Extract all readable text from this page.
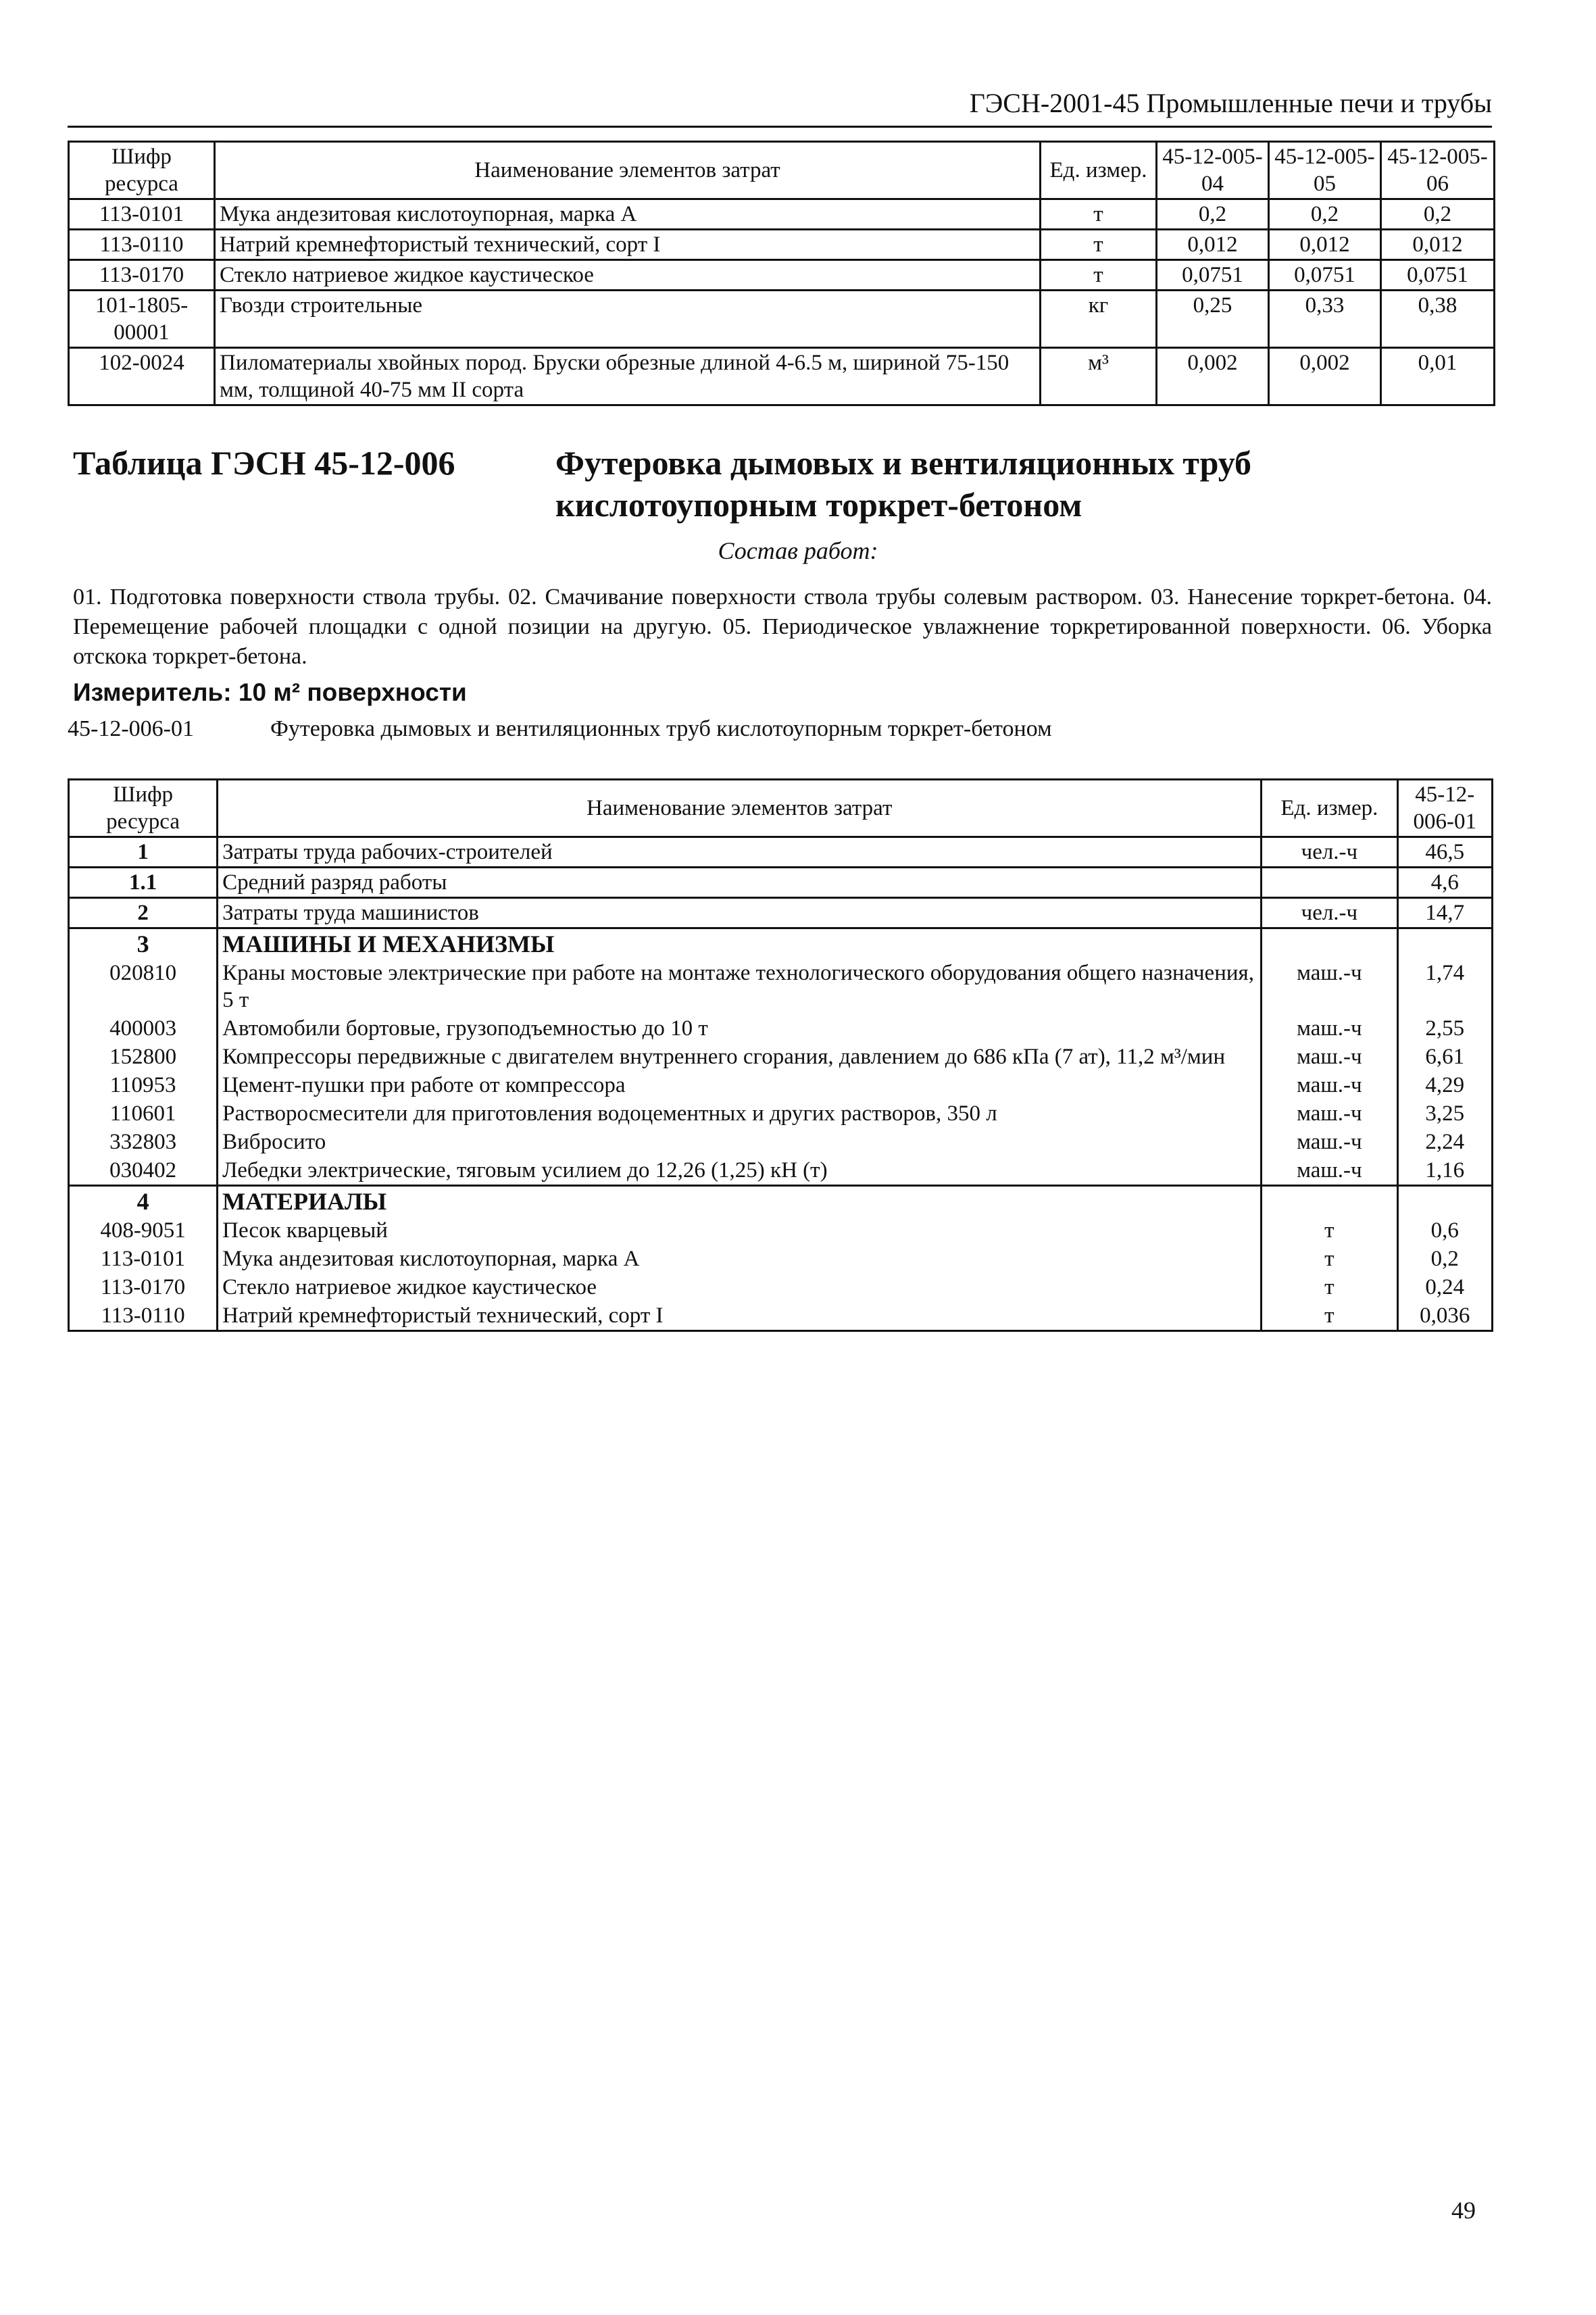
ГЭСН-2001-45 Промышленные печи и трубы
Шифр ресурса	Наименование элементов затрат	Ед. измер.	45-12-005-04	45-12-005-05	45-12-005-06
113-0101	Мука андезитовая кислотоупорная, марка А	т	0,2	0,2	0,2
113-0110	Натрий кремнефтористый технический, сорт I	т	0,012	0,012	0,012
113-0170	Стекло натриевое жидкое каустическое	т	0,0751	0,0751	0,0751
101-1805-00001	Гвозди строительные	кг	0,25	0,33	0,38
102-0024	Пиломатериалы хвойных пород. Бруски обрезные длиной 4-6.5 м, шириной 75-150 мм, толщиной 40-75 мм II сорта	м³	0,002	0,002	0,01
Таблица ГЭСН 45-12-006	Футеровка дымовых и вентиляционных труб кислотоупорным торкрет-бетоном
Состав работ:
01. Подготовка поверхности ствола трубы. 02. Смачивание поверхности ствола трубы солевым раствором. 03. Нанесение торкрет-бетона. 04. Перемещение рабочей площадки с одной позиции на другую. 05. Периодическое увлажнение торкретированной поверхности. 06. Уборка отскока торкрет-бетона.
Измеритель: 10 м² поверхности
45-12-006-01	Футеровка дымовых и вентиляционных труб кислотоупорным торкрет-бетоном
Шифр ресурса	Наименование элементов затрат	Ед. измер.	45-12-006-01
1	Затраты труда рабочих-строителей	чел.-ч	46,5
1.1	Средний разряд работы		4,6
2	Затраты труда машинистов	чел.-ч	14,7
3	МАШИНЫ И МЕХАНИЗМЫ		
020810	Краны мостовые электрические при работе на монтаже технологического оборудования общего назначения, 5 т	маш.-ч	1,74
400003	Автомобили бортовые, грузоподъемностью до 10 т	маш.-ч	2,55
152800	Компрессоры передвижные с двигателем внутреннего сгорания, давлением до 686 кПа (7 ат), 11,2 м³/мин	маш.-ч	6,61
110953	Цемент-пушки при работе от компрессора	маш.-ч	4,29
110601	Растворосмесители для приготовления водоцементных и других растворов, 350 л	маш.-ч	3,25
332803	Вибросито	маш.-ч	2,24
030402	Лебедки электрические, тяговым усилием до 12,26 (1,25) кН (т)	маш.-ч	1,16
4	МАТЕРИАЛЫ		
408-9051	Песок кварцевый	т	0,6
113-0101	Мука андезитовая кислотоупорная, марка А	т	0,2
113-0170	Стекло натриевое жидкое каустическое	т	0,24
113-0110	Натрий кремнефтористый технический, сорт I	т	0,036
49
